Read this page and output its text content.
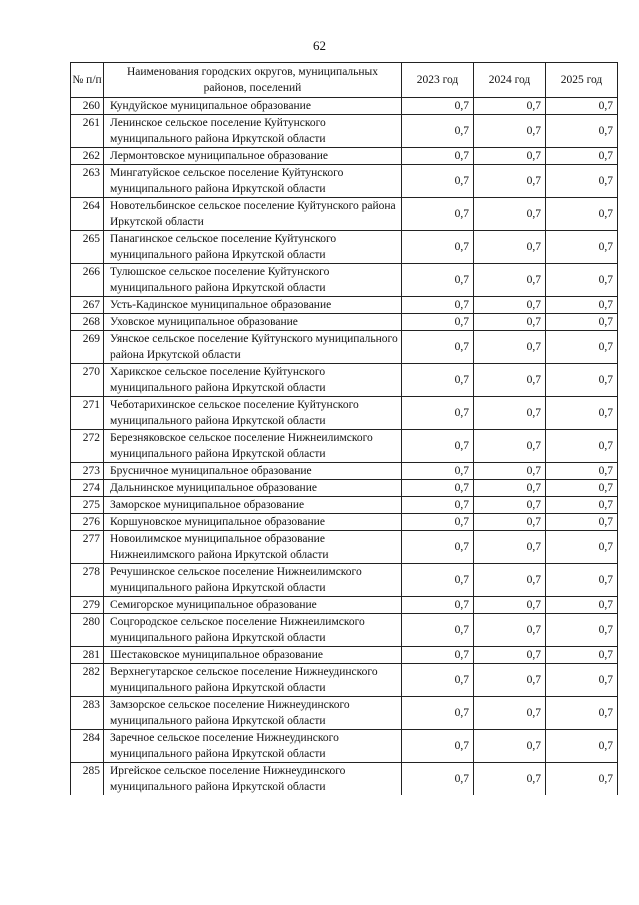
62
№ п/п	Наименования городских округов, муниципальных районов, поселений	2023 год	2024 год	2025 год
260	Кундуйское муниципальное образование	0,7	0,7	0,7
261	Ленинское сельское поселение Куйтунского муниципального района Иркутской области	0,7	0,7	0,7
262	Лермонтовское муниципальное образование	0,7	0,7	0,7
263	Мингатуйское сельское поселение Куйтунского муниципального района Иркутской области	0,7	0,7	0,7
264	Новотельбинское сельское поселение Куйтунского района Иркутской области	0,7	0,7	0,7
265	Панагинское сельское поселение Куйтунского муниципального района Иркутской области	0,7	0,7	0,7
266	Тулюшское сельское поселение Куйтунского муниципального района Иркутской области	0,7	0,7	0,7
267	Усть-Кадинское муниципальное образование	0,7	0,7	0,7
268	Уховское муниципальное образование	0,7	0,7	0,7
269	Уянское сельское поселение Куйтунского муниципального района Иркутской области	0,7	0,7	0,7
270	Харикское сельское поселение Куйтунского муниципального района Иркутской области	0,7	0,7	0,7
271	Чеботарихинское сельское поселение Куйтунского муниципального района Иркутской области	0,7	0,7	0,7
272	Березняковское сельское поселение Нижнеилимского муниципального района Иркутской области	0,7	0,7	0,7
273	Брусничное муниципальное образование	0,7	0,7	0,7
274	Дальнинское муниципальное образование	0,7	0,7	0,7
275	Заморское муниципальное образование	0,7	0,7	0,7
276	Коршуновское муниципальное образование	0,7	0,7	0,7
277	Новоилимское муниципальное образование Нижнеилимского района Иркутской области	0,7	0,7	0,7
278	Речушинское сельское поселение Нижнеилимского муниципального района Иркутской области	0,7	0,7	0,7
279	Семигорское муниципальное образование	0,7	0,7	0,7
280	Соцгородское сельское поселение Нижнеилимского муниципального района Иркутской области	0,7	0,7	0,7
281	Шестаковское муниципальное образование	0,7	0,7	0,7
282	Верхнегутарское сельское поселение Нижнеудинского муниципального района Иркутской области	0,7	0,7	0,7
283	Замзорское сельское поселение Нижнеудинского муниципального района Иркутской области	0,7	0,7	0,7
284	Заречное сельское поселение Нижнеудинского муниципального района Иркутской области	0,7	0,7	0,7
285	Иргейское сельское поселение Нижнеудинского муниципального района Иркутской области	0,7	0,7	0,7
